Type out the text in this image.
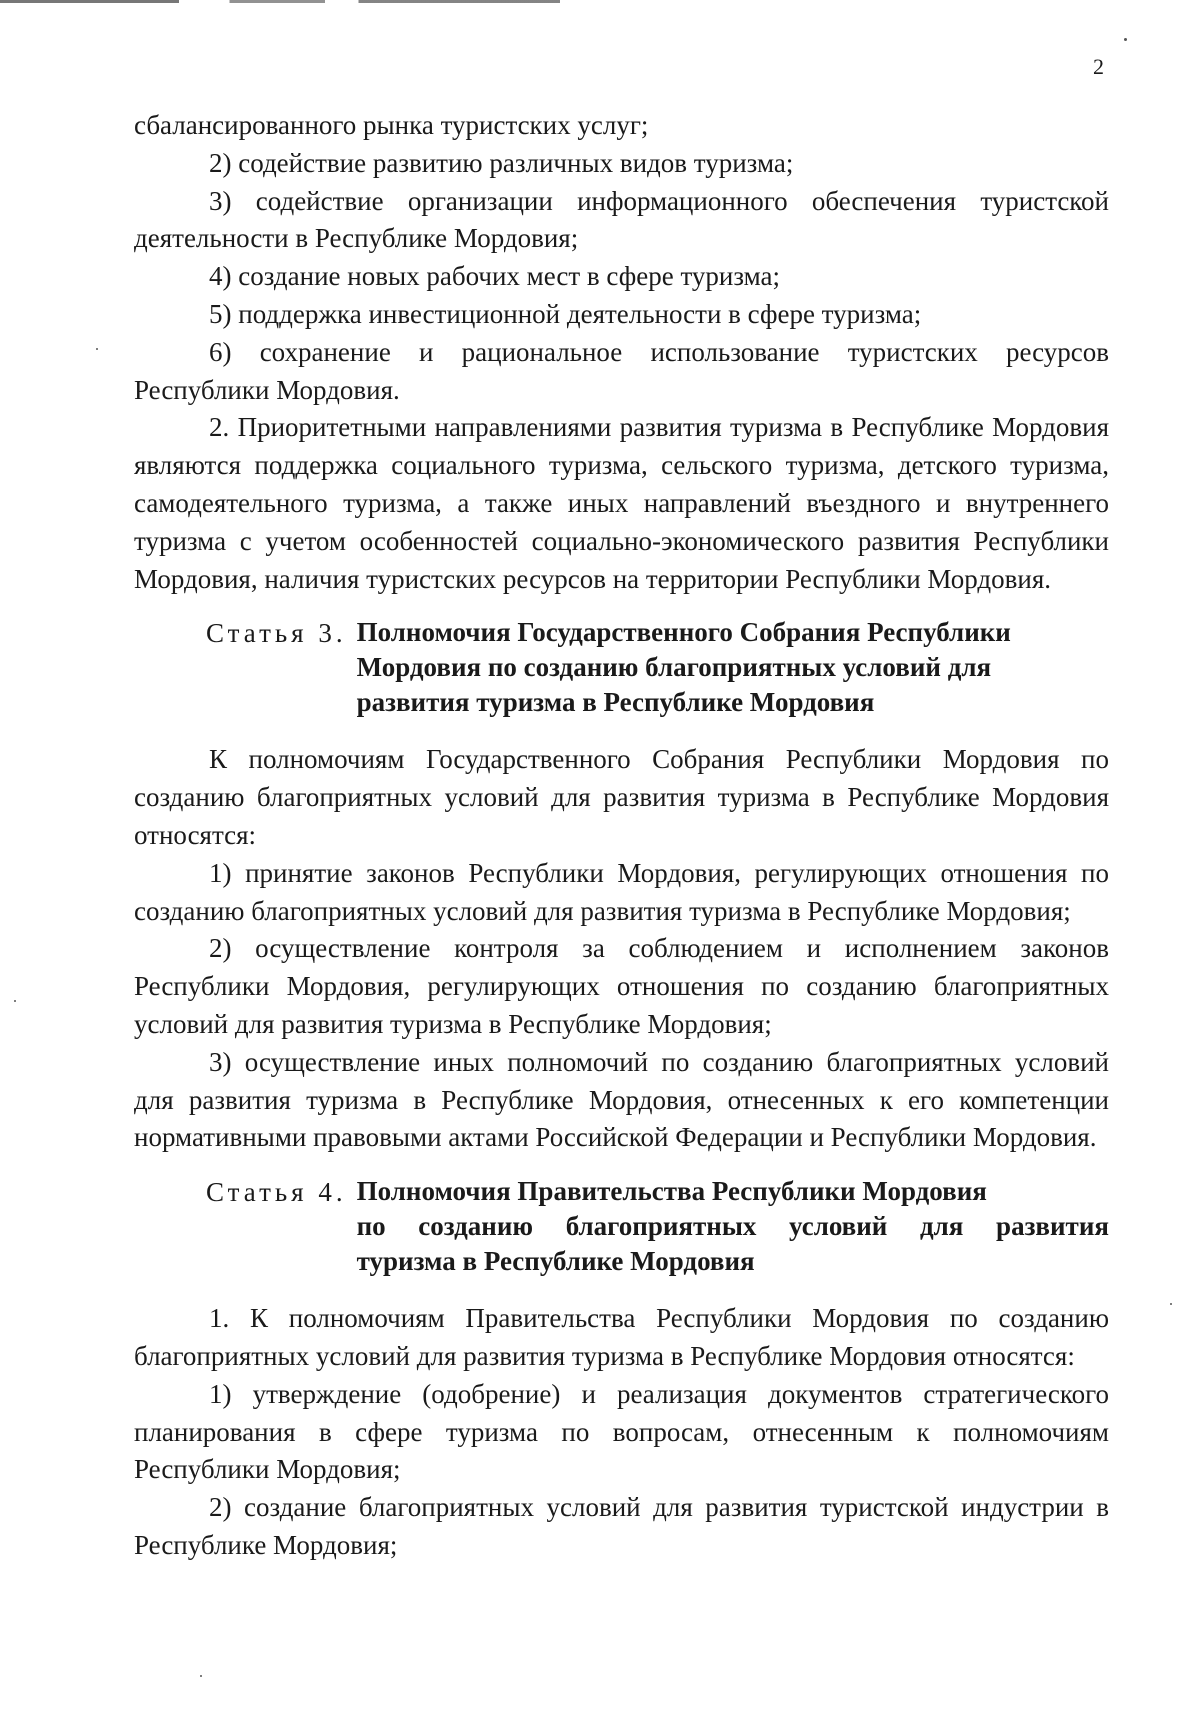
2

сбалансированного рынка туристских услуг;

2) содействие развитию различных видов туризма;

3) содействие организации информационного обеспечения туристской деятельности в Республике Мордовия;

4) создание новых рабочих мест в сфере туризма;

5) поддержка инвестиционной деятельности в сфере туризма;

6) сохранение и рациональное использование туристских ресурсов Республики Мордовия.

2. Приоритетными направлениями развития туризма в Республике Мордовия являются поддержка социального туризма, сельского туризма, детского туризма, самодеятельного туризма, а также иных направлений въездного и внутреннего туризма с учетом особенностей социально-экономического развития Республики Мордовия, наличия туристских ресурсов на территории Республики Мордовия.

Статья 3. Полномочия Государственного Собрания Республики
Мордовия по созданию благоприятных условий для
развития туризма в Республике Мордовия

К полномочиям Государственного Собрания Республики Мордовия по созданию благоприятных условий для развития туризма в Республике Мордовия относятся:

1) принятие законов Республики Мордовия, регулирующих отношения по созданию благоприятных условий для развития туризма в Республике Мордовия;

2) осуществление контроля за соблюдением и исполнением законов Республики Мордовия, регулирующих отношения по созданию благоприятных условий для развития туризма в Республике Мордовия;

3) осуществление иных полномочий по созданию благоприятных условий для развития туризма в Республике Мордовия, отнесенных к его компетенции нормативными правовыми актами Российской Федерации и Республики Мордовия.

Статья 4. Полномочия Правительства Республики Мордовия
по созданию благоприятных условий для развития
туризма в Республике Мордовия

1. К полномочиям Правительства Республики Мордовия по созданию благоприятных условий для развития туризма в Республике Мордовия относятся:

1) утверждение (одобрение) и реализация документов стратегического планирования в сфере туризма по вопросам, отнесенным к полномочиям Республики Мордовия;

2) создание благоприятных условий для развития туристской индустрии в Республике Мордовия;
